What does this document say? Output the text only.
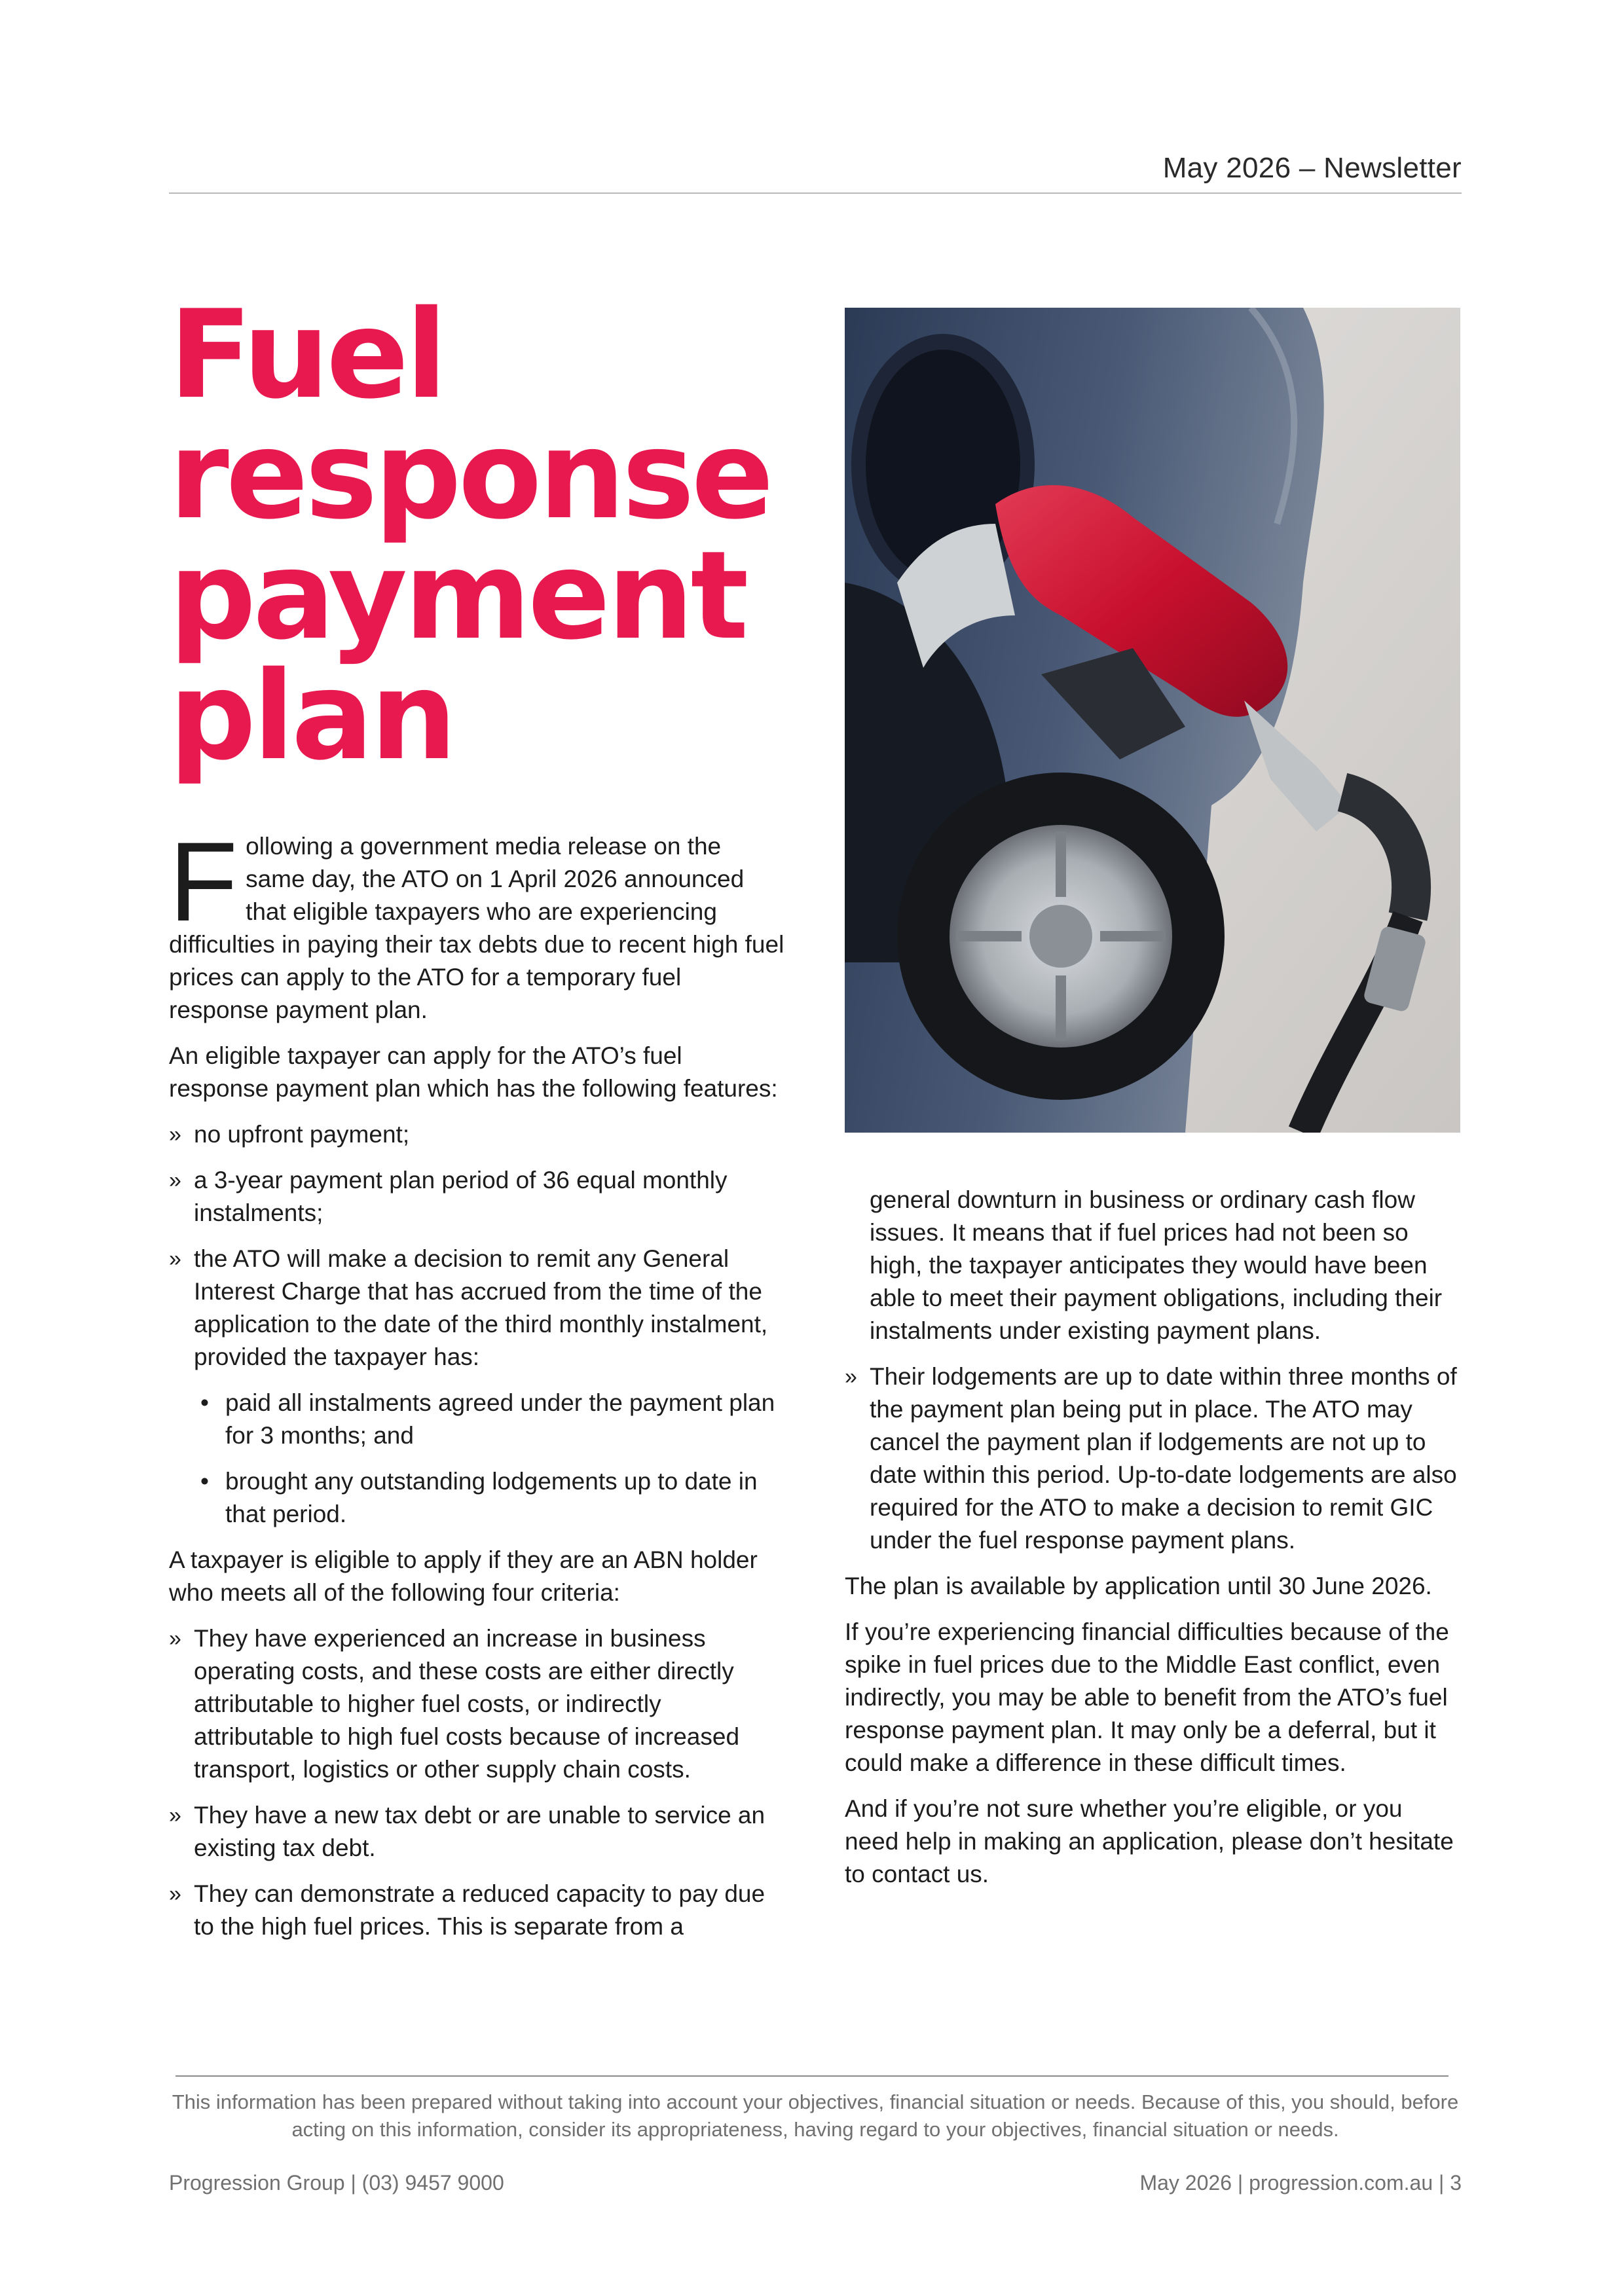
May 2026 – Newsletter
Fuel response payment plan

Following a government media release on the same day, the ATO on 1 April 2026 announced that eligible taxpayers who are experiencing difficulties in paying their tax debts due to recent high fuel prices can apply to the ATO for a temporary fuel response payment plan.

An eligible taxpayer can apply for the ATO’s fuel response payment plan which has the following features:

» no upfront payment;
» a 3-year payment plan period of 36 equal monthly instalments;
» the ATO will make a decision to remit any General Interest Charge that has accrued from the time of the application to the date of the third monthly instalment, provided the taxpayer has:
• paid all instalments agreed under the payment plan for 3 months; and
• brought any outstanding lodgements up to date in that period.

A taxpayer is eligible to apply if they are an ABN holder who meets all of the following four criteria:

» They have experienced an increase in business operating costs, and these costs are either directly attributable to higher fuel costs, or indirectly attributable to high fuel costs because of increased transport, logistics or other supply chain costs.
» They have a new tax debt or are unable to service an existing tax debt.
» They can demonstrate a reduced capacity to pay due to the high fuel prices. This is separate from a
general downturn in business or ordinary cash flow issues. It means that if fuel prices had not been so high, the taxpayer anticipates they would have been able to meet their payment obligations, including their instalments under existing payment plans.
» Their lodgements are up to date within three months of the payment plan being put in place. The ATO may cancel the payment plan if lodgements are not up to date within this period. Up-to-date lodgements are also required for the ATO to make a decision to remit GIC under the fuel response payment plans.

The plan is available by application until 30 June 2026.

If you’re experiencing financial difficulties because of the spike in fuel prices due to the Middle East conflict, even indirectly, you may be able to benefit from the ATO’s fuel response payment plan. It may only be a deferral, but it could make a difference in these difficult times.

And if you’re not sure whether you’re eligible, or you need help in making an application, please don’t hesitate to contact us.

This information has been prepared without taking into account your objectives, financial situation or needs. Because of this, you should, before acting on this information, consider its appropriateness, having regard to your objectives, financial situation or needs.
Progression Group | (03) 9457 9000	May 2026 | progression.com.au | 3
